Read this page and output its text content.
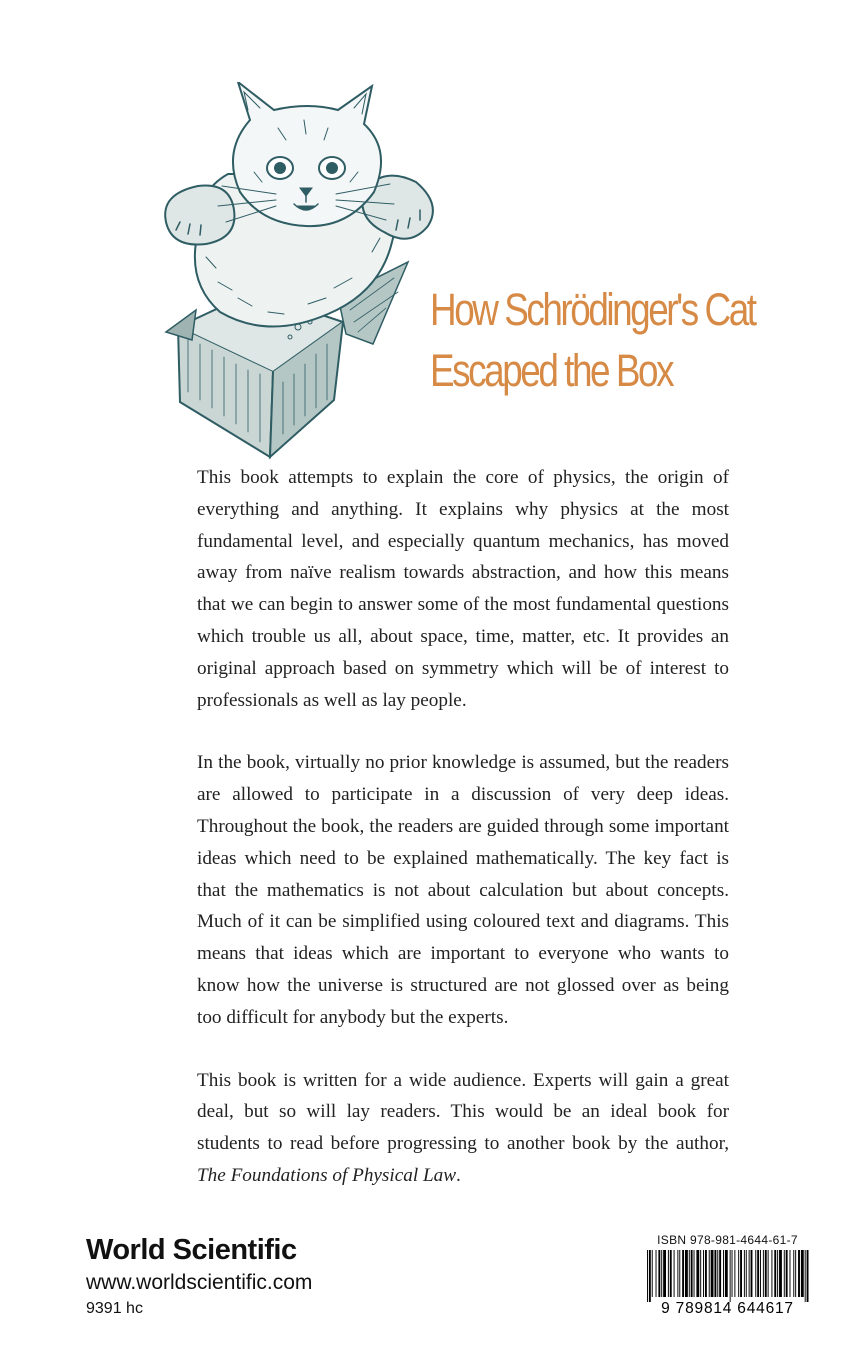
How Schrödinger's Cat
Escaped the Box

This book attempts to explain the core of physics, the origin of everything and anything. It explains why physics at the most fundamental level, and especially quantum mechanics, has moved away from naïve realism towards abstraction, and how this means that we can begin to answer some of the most fundamental questions which trouble us all, about space, time, matter, etc. It provides an original approach based on symmetry which will be of interest to professionals as well as lay people.

In the book, virtually no prior knowledge is assumed, but the readers are allowed to participate in a discussion of very deep ideas. Throughout the book, the readers are guided through some important ideas which need to be explained mathematically. The key fact is that the mathematics is not about calculation but about concepts. Much of it can be simplified using coloured text and diagrams. This means that ideas which are important to everyone who wants to know how the universe is structured are not glossed over as being too difficult for anybody but the experts.

This book is written for a wide audience. Experts will gain a great deal, but so will lay readers. This would be an ideal book for students to read before progressing to another book by the author, The Foundations of Physical Law.

World Scientific
www.worldscientific.com
9391 hc
ISBN 978-981-4644-61-7
9 789814 644617
